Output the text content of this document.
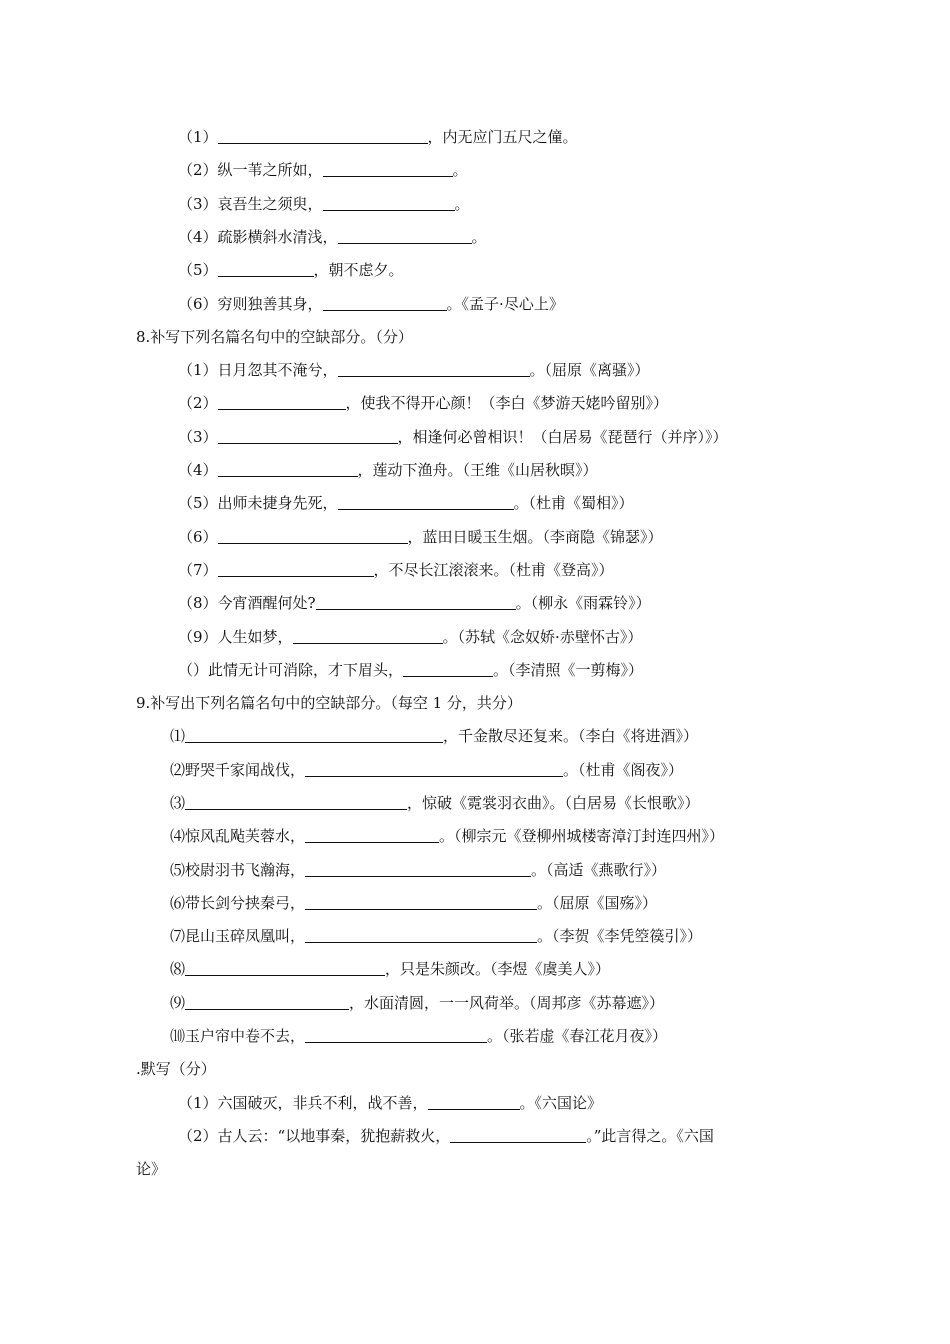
（1）	，内无应门五尺之僮。
（2）纵一苇之所如，	。
（3）哀吾生之须臾，	。
（4）疏影横斜水清浅，	。
（5）	，朝不虑夕。
（6）穷则独善其身，	。《孟子·尽心上》
8.补写下列名篇名句中的空缺部分。（分）
（1）日月忽其不淹兮，	。（屈原《离骚》）
（2）	，使我不得开心颜！（李白《梦游天姥吟留别》）
（3）	，相逢何必曾相识！（白居易《琵琶行（并序）》）
（4）	，莲动下渔舟。（王维《山居秋暝》）
（5）出师未捷身先死，	。（杜甫《蜀相》）
（6）	，蓝田日暖玉生烟。（李商隐《锦瑟》）
（7）	，不尽长江滚滚来。（杜甫《登高》）
（8）今宵酒醒何处?	。（柳永《雨霖铃》）
（9）人生如梦，	。（苏轼《念奴娇·赤壁怀古》）
（）此情无计可消除，才下眉头，	。（李清照《一剪梅》）
9.补写出下列名篇名句中的空缺部分。（每空 1 分，共分）
⑴	，千金散尽还复来。（李白《将进酒》）
⑵野哭千家闻战伐，	。（杜甫《阁夜》）
⑶	，惊破《霓裳羽衣曲》。（白居易《长恨歌》）
⑷惊风乱飐芙蓉水，	。（柳宗元《登柳州城楼寄漳汀封连四州》）
⑸校尉羽书飞瀚海，	。（高适《燕歌行》）
⑹带长剑兮挟秦弓，	。（屈原《国殇》）
⑺昆山玉碎凤凰叫，	。（李贺《李凭箜篌引》）
⑻	，只是朱颜改。（李煜《虞美人》）
⑼	，水面清圆，一一风荷举。（周邦彦《苏幕遮》）
⑽玉户帘中卷不去，	。（张若虚《春江花月夜》）
.默写（分）
（1）六国破灭，非兵不利，战不善，	。《六国论》
（2）古人云：“以地事秦，犹抱薪救火，	。”此言得之。《六国
论》
